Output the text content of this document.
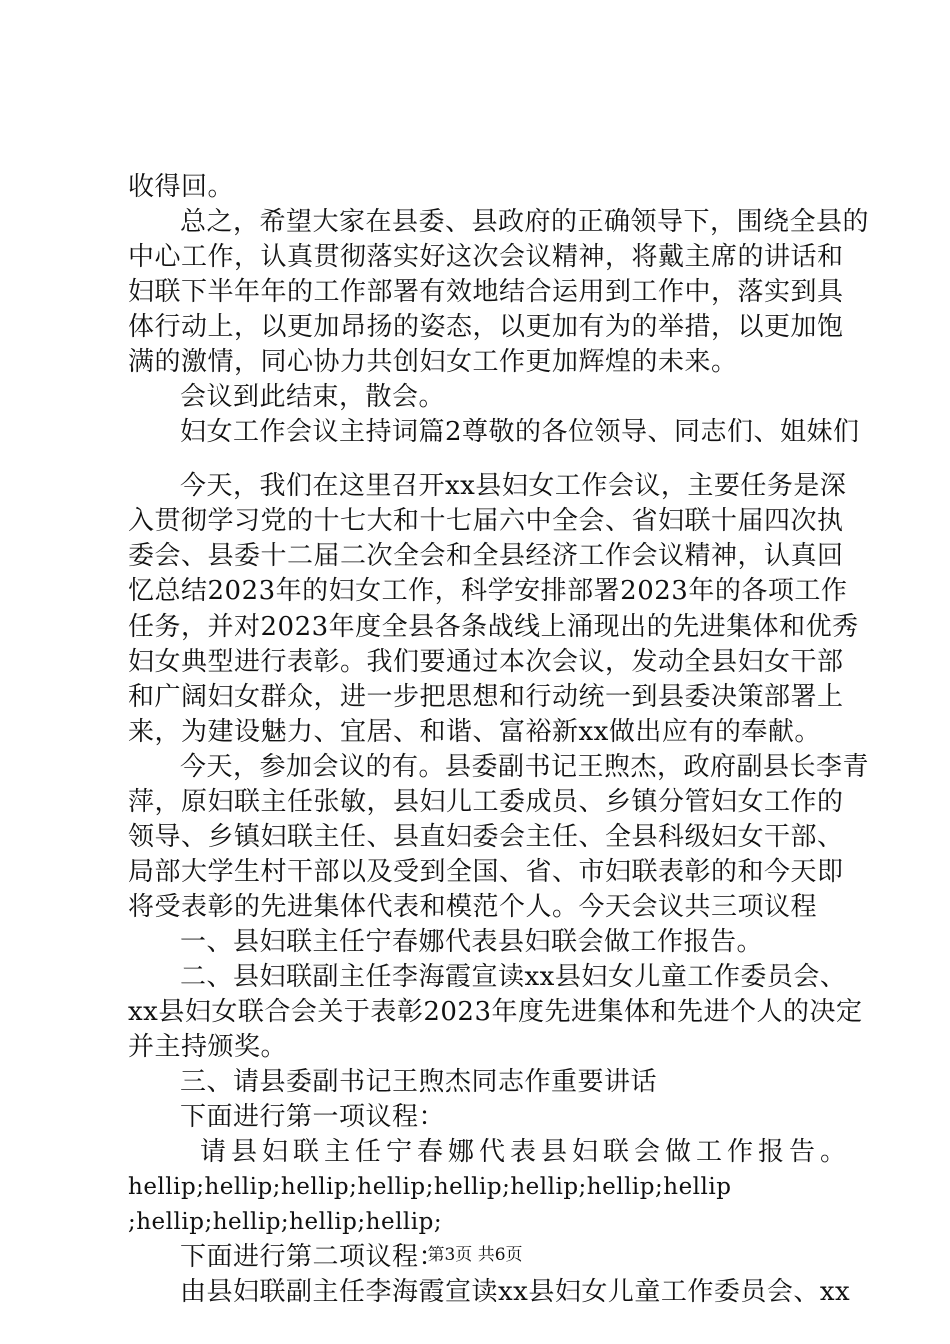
收得回。
总之，希望大家在县委、县政府的正确领导下，围绕全县的
中心工作，认真贯彻落实好这次会议精神，将戴主席的讲话和
妇联下半年年的工作部署有效地结合运用到工作中，落实到具
体行动上，以更加昂扬的姿态，以更加有为的举措，以更加饱
满的激情，同心协力共创妇女工作更加辉煌的未来。
会议到此结束，散会。
妇女工作会议主持词篇2尊敬的各位领导、同志们、姐妹们
今天，我们在这里召开xx县妇女工作会议，主要任务是深
入贯彻学习党的十七大和十七届六中全会、省妇联十届四次执
委会、县委十二届二次全会和全县经济工作会议精神，认真回
忆总结2023年的妇女工作，科学安排部署2023年的各项工作
任务，并对2023年度全县各条战线上涌现出的先进集体和优秀
妇女典型进行表彰。我们要通过本次会议，发动全县妇女干部
和广阔妇女群众，进一步把思想和行动统一到县委决策部署上
来，为建设魅力、宜居、和谐、富裕新xx做出应有的奉献。
今天，参加会议的有。县委副书记王煦杰，政府副县长李青
萍，原妇联主任张敏，县妇儿工委成员、乡镇分管妇女工作的
领导、乡镇妇联主任、县直妇委会主任、全县科级妇女干部、
局部大学生村干部以及受到全国、省、市妇联表彰的和今天即
将受表彰的先进集体代表和模范个人。今天会议共三项议程
一、县妇联主任宁春娜代表县妇联会做工作报告。
二、县妇联副主任李海霞宣读xx县妇女儿童工作委员会、
xx县妇女联合会关于表彰2023年度先进集体和先进个人的决定
并主持颁奖。
三、请县委副书记王煦杰同志作重要讲话
下面进行第一项议程：
请县妇联主任宁春娜代表县妇联会做工作报告。
hellip;hellip;hellip;hellip;hellip;hellip;hellip;hellip
;hellip;hellip;hellip;hellip;
下面进行第二项议程：
由县妇联副主任李海霞宣读xx县妇女儿童工作委员会、xx
第3页 共6页
